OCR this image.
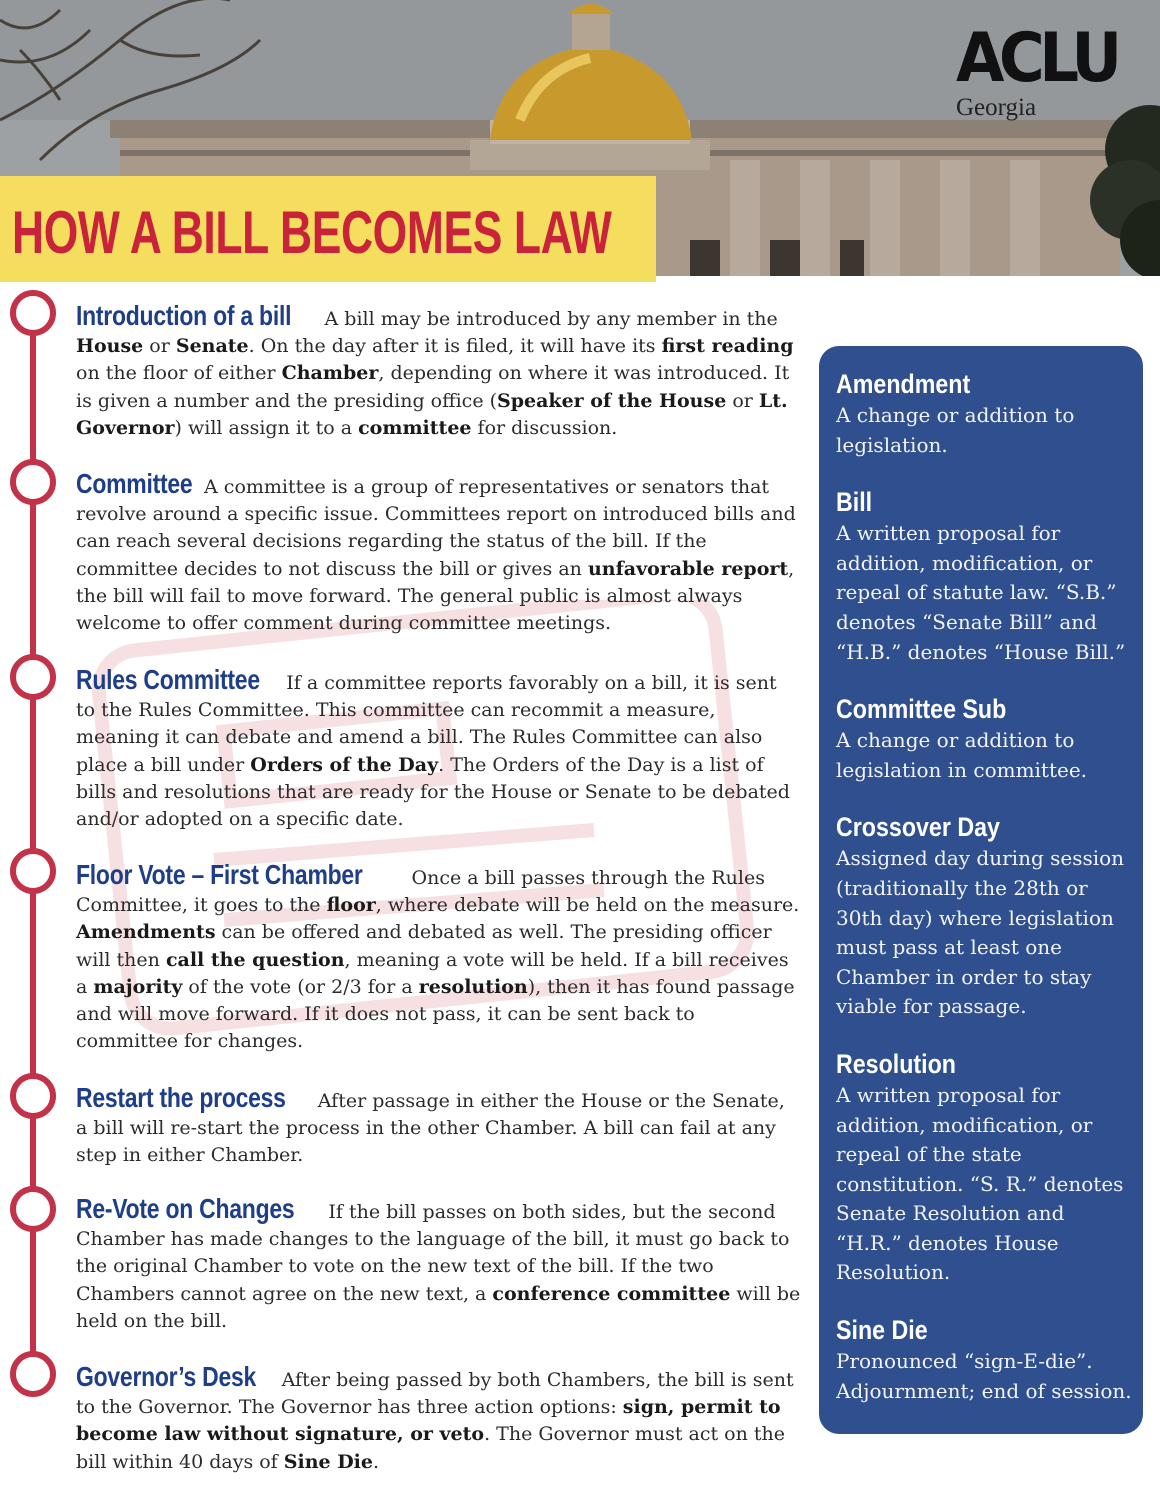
ACLU
Georgia
HOW A BILL BECOMES LAW
Introduction of a bill A bill may be introduced by any member in the House or Senate. On the day after it is filed, it will have its first reading on the floor of either Chamber, depending on where it was introduced. It is given a number and the presiding office (Speaker of the House or Lt. Governor) will assign it to a committee for discussion.
Committee A committee is a group of representatives or senators that revolve around a specific issue. Committees report on introduced bills and can reach several decisions regarding the status of the bill. If the committee decides to not discuss the bill or gives an unfavorable report, the bill will fail to move forward. The general public is almost always welcome to offer comment during committee meetings.
Rules Committee If a committee reports favorably on a bill, it is sent to the Rules Committee. This committee can recommit a measure, meaning it can debate and amend a bill. The Rules Committee can also place a bill under Orders of the Day. The Orders of the Day is a list of bills and resolutions that are ready for the House or Senate to be debated and/or adopted on a specific date.
Floor Vote – First Chamber Once a bill passes through the Rules Committee, it goes to the floor, where debate will be held on the measure. Amendments can be offered and debated as well. The presiding officer will then call the question, meaning a vote will be held. If a bill receives a majority of the vote (or 2/3 for a resolution), then it has found passage and will move forward. If it does not pass, it can be sent back to committee for changes.
Restart the process After passage in either the House or the Senate, a bill will re-start the process in the other Chamber. A bill can fail at any step in either Chamber.
Re-Vote on Changes If the bill passes on both sides, but the second Chamber has made changes to the language of the bill, it must go back to the original Chamber to vote on the new text of the bill. If the two Chambers cannot agree on the new text, a conference committee will be held on the bill.
Governor’s Desk After being passed by both Chambers, the bill is sent to the Governor. The Governor has three action options: sign, permit to become law without signature, or veto. The Governor must act on the bill within 40 days of Sine Die.
Amendment
A change or addition to legislation.
Bill
A written proposal for addition, modification, or repeal of statute law. “S.B.” denotes “Senate Bill” and “H.B.” denotes “House Bill.”
Committee Sub
A change or addition to legislation in committee.
Crossover Day
Assigned day during session (traditionally the 28th or 30th day) where legislation must pass at least one Chamber in order to stay viable for passage.
Resolution
A written proposal for addition, modification, or repeal of the state constitution. “S. R.” denotes Senate Resolution and “H.R.” denotes House Resolution.
Sine Die
Pronounced “sign-E-die”. Adjournment; end of session.
